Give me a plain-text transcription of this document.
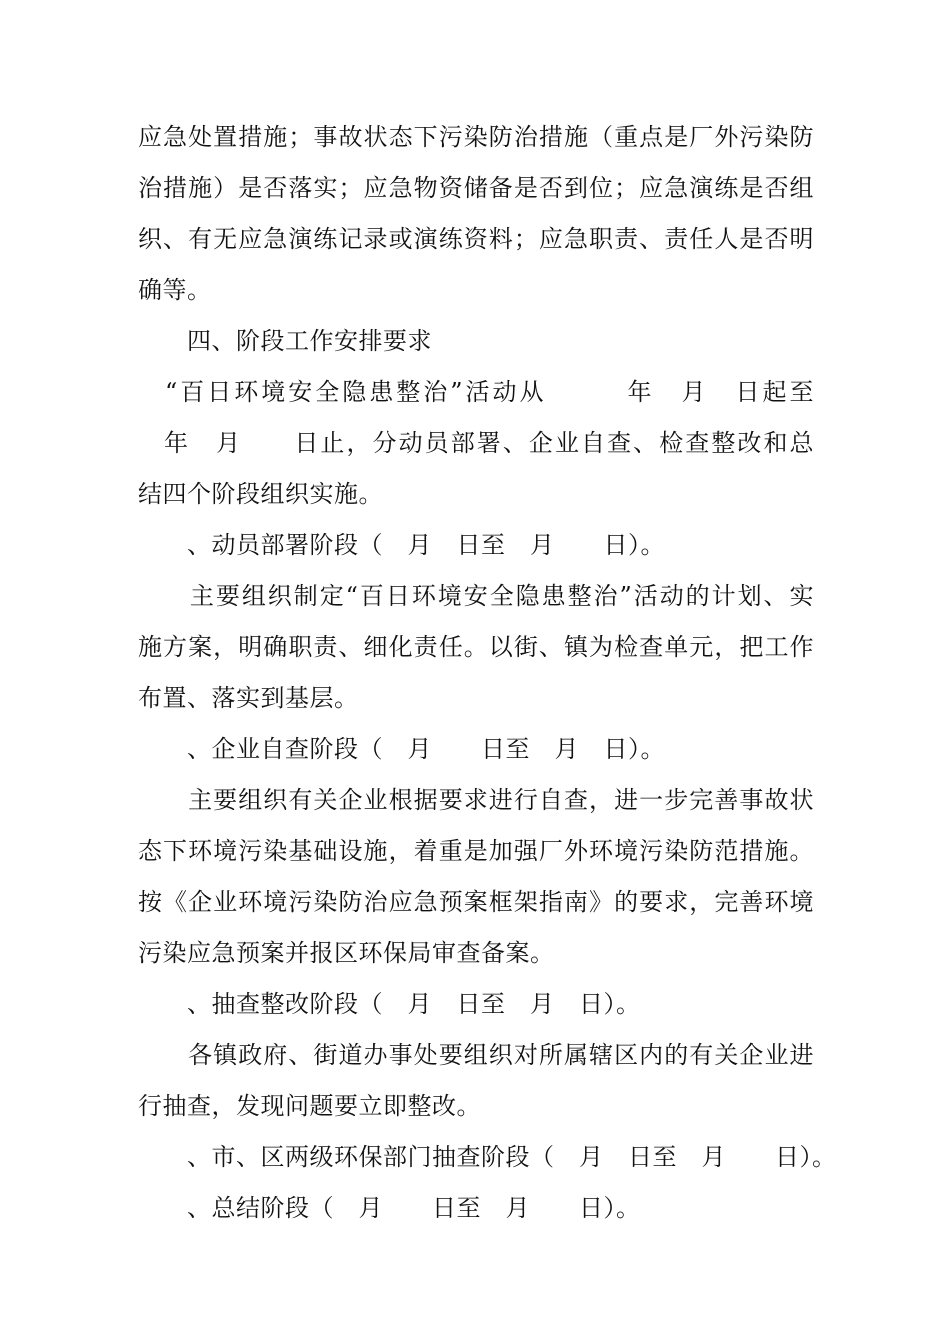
应急处置措施；事故状态下污染防治措施（重点是厂外污染防
治措施）是否落实；应急物资储备是否到位；应急演练是否组
织、有无应急演练记录或演练资料；应急职责、责任人是否明
确等。
　　四、阶段工作安排要求
　“百日环境安全隐患整治”活动从　　　年　月　日起至
　年　月　　日止，分动员部署、企业自查、检查整改和总
结四个阶段组织实施。
　　、动员部署阶段（　月　日至　月　　日）。
　　主要组织制定“百日环境安全隐患整治”活动的计划、实
施方案，明确职责、细化责任。以街、镇为检查单元，把工作
布置、落实到基层。
　　、企业自查阶段（　月　　日至　月　日）。
　　主要组织有关企业根据要求进行自查，进一步完善事故状
态下环境污染基础设施，着重是加强厂外环境污染防范措施。
按《企业环境污染防治应急预案框架指南》的要求，完善环境
污染应急预案并报区环保局审查备案。
　　、抽查整改阶段（　月　日至　月　日）。
　　各镇政府、街道办事处要组织对所属辖区内的有关企业进
行抽查，发现问题要立即整改。
　　、市、区两级环保部门抽查阶段（　月　日至　月　　日）。
　　、总结阶段（　月　　日至　月　　日）。
